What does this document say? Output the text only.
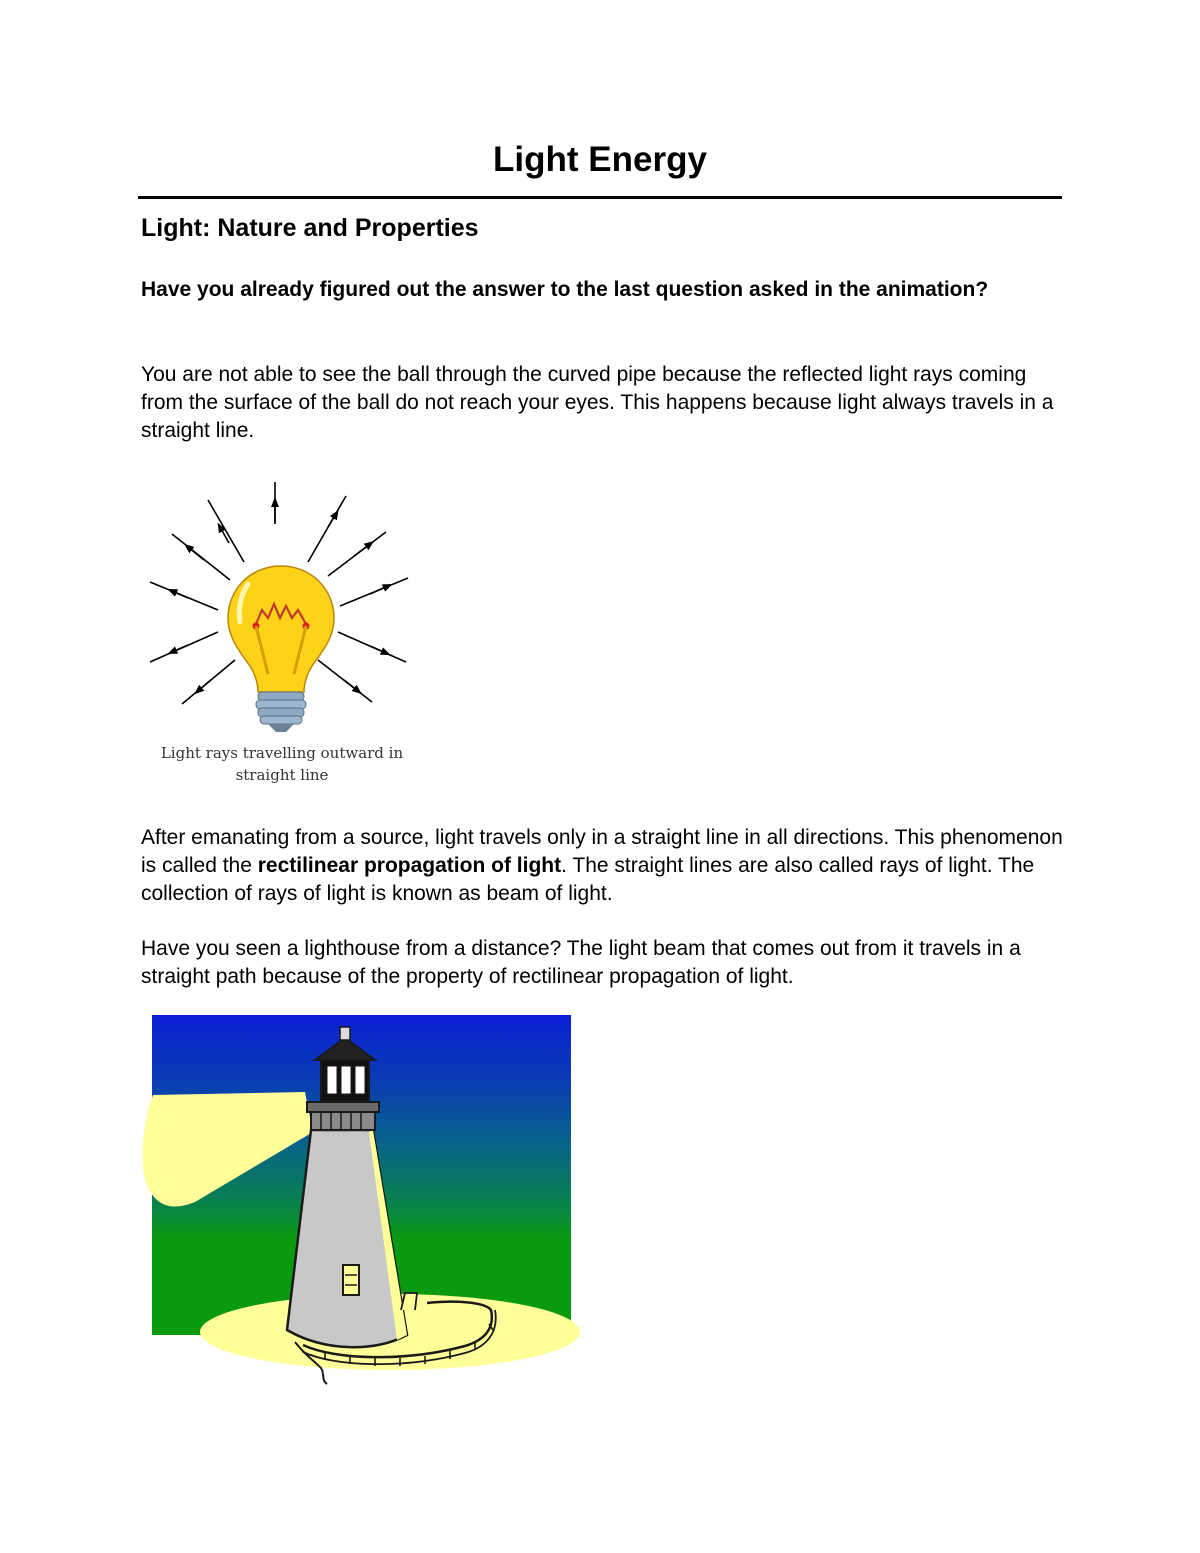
Light Energy
Light: Nature and Properties

Have you already figured out the answer to the last question asked in the animation?

You are not able to see the ball through the curved pipe because the reflected light rays coming from the surface of the ball do not reach your eyes. This happens because light always travels in a straight line.

Light rays travelling outward in
straight line

After emanating from a source, light travels only in a straight line in all directions. This phenomenon is called the rectilinear propagation of light. The straight lines are also called rays of light. The collection of rays of light is known as beam of light.

Have you seen a lighthouse from a distance? The light beam that comes out from it travels in a straight path because of the property of rectilinear propagation of light.
